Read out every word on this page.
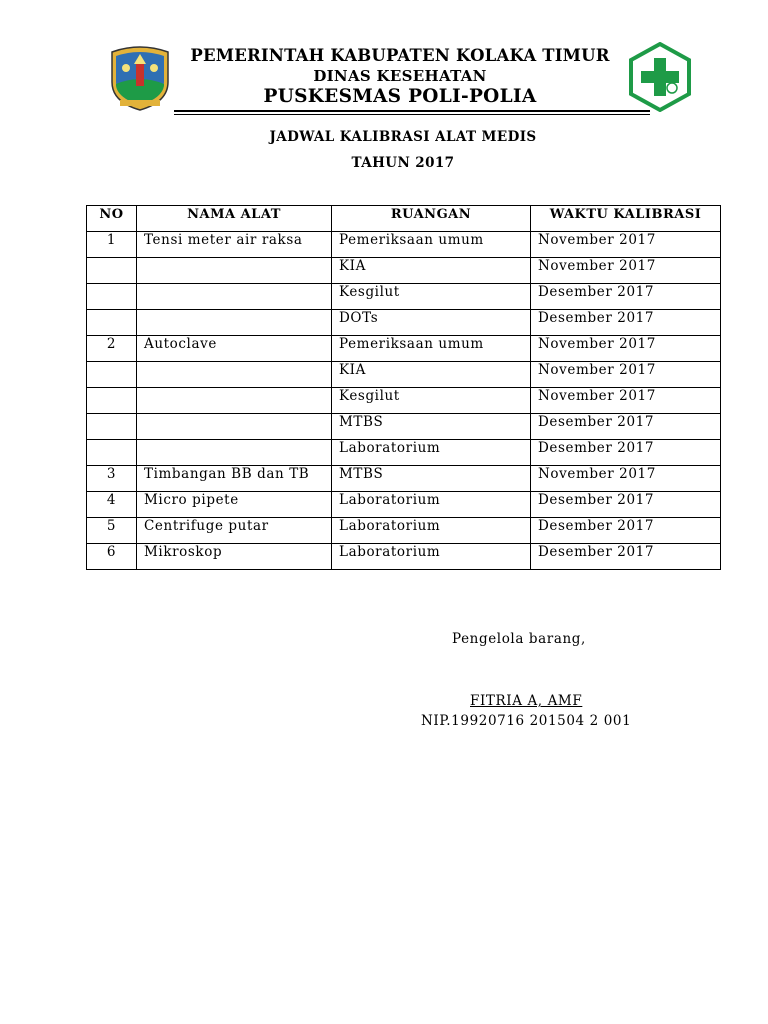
PEMERINTAH KABUPATEN KOLAKA TIMUR
DINAS KESEHATAN
PUSKESMAS POLI-POLIA
JADWAL KALIBRASI ALAT MEDIS
TAHUN 2017
NO	NAMA ALAT	RUANGAN	WAKTU KALIBRASI
1	Tensi meter air raksa	Pemeriksaan umum	November 2017
		KIA	November 2017
		Kesgilut	Desember 2017
		DOTs	Desember 2017
2	Autoclave	Pemeriksaan umum	November 2017
		KIA	November 2017
		Kesgilut	November 2017
		MTBS	Desember 2017
		Laboratorium	Desember 2017
3	Timbangan BB dan TB	MTBS	November 2017
4	Micro pipete	Laboratorium	Desember 2017
5	Centrifuge putar	Laboratorium	Desember 2017
6	Mikroskop	Laboratorium	Desember 2017
Pengelola barang,
FITRIA A, AMF
NIP.19920716 201504 2 001
